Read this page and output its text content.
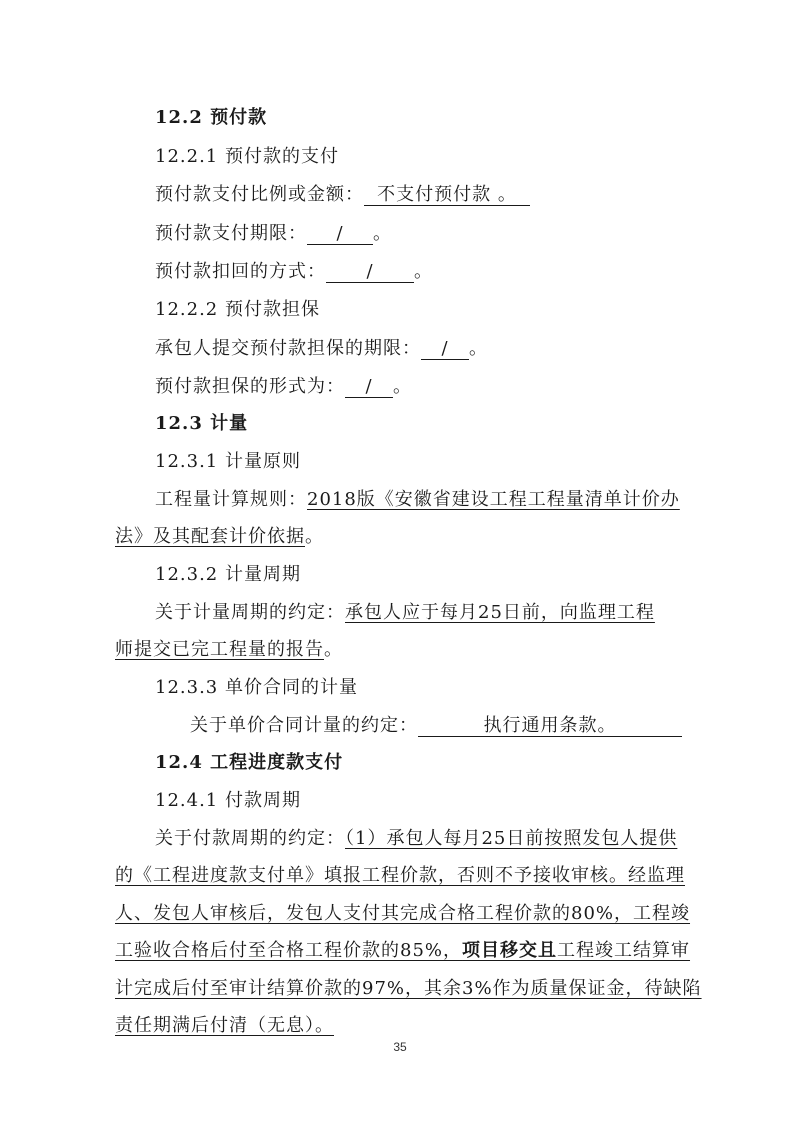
12.2 预付款
12.2.1 预付款的支付
预付款支付比例或金额： 不支付预付款 。
预付款支付期限： / 。
预付款扣回的方式： / 。
12.2.2 预付款担保
承包人提交预付款担保的期限： / 。
预付款担保的形式为： / 。
12.3 计量
12.3.1 计量原则
工程量计算规则：2018版《安徽省建设工程工程量清单计价办
法》及其配套计价依据。
12.3.2 计量周期
关于计量周期的约定：承包人应于每月25日前，向监理工程
师提交已完工程量的报告。
12.3.3 单价合同的计量
关于单价合同计量的约定：	执行通用条款。
12.4 工程进度款支付
12.4.1 付款周期
关于付款周期的约定：（1）承包人每月25日前按照发包人提供
的《工程进度款支付单》填报工程价款，否则不予接收审核。经监理
人、发包人审核后，发包人支付其完成合格工程价款的80%，工程竣
工验收合格后付至合格工程价款的85%，项目移交且工程竣工结算审
计完成后付至审计结算价款的97%，其余3%作为质量保证金，待缺陷
责任期满后付清（无息）。
35
